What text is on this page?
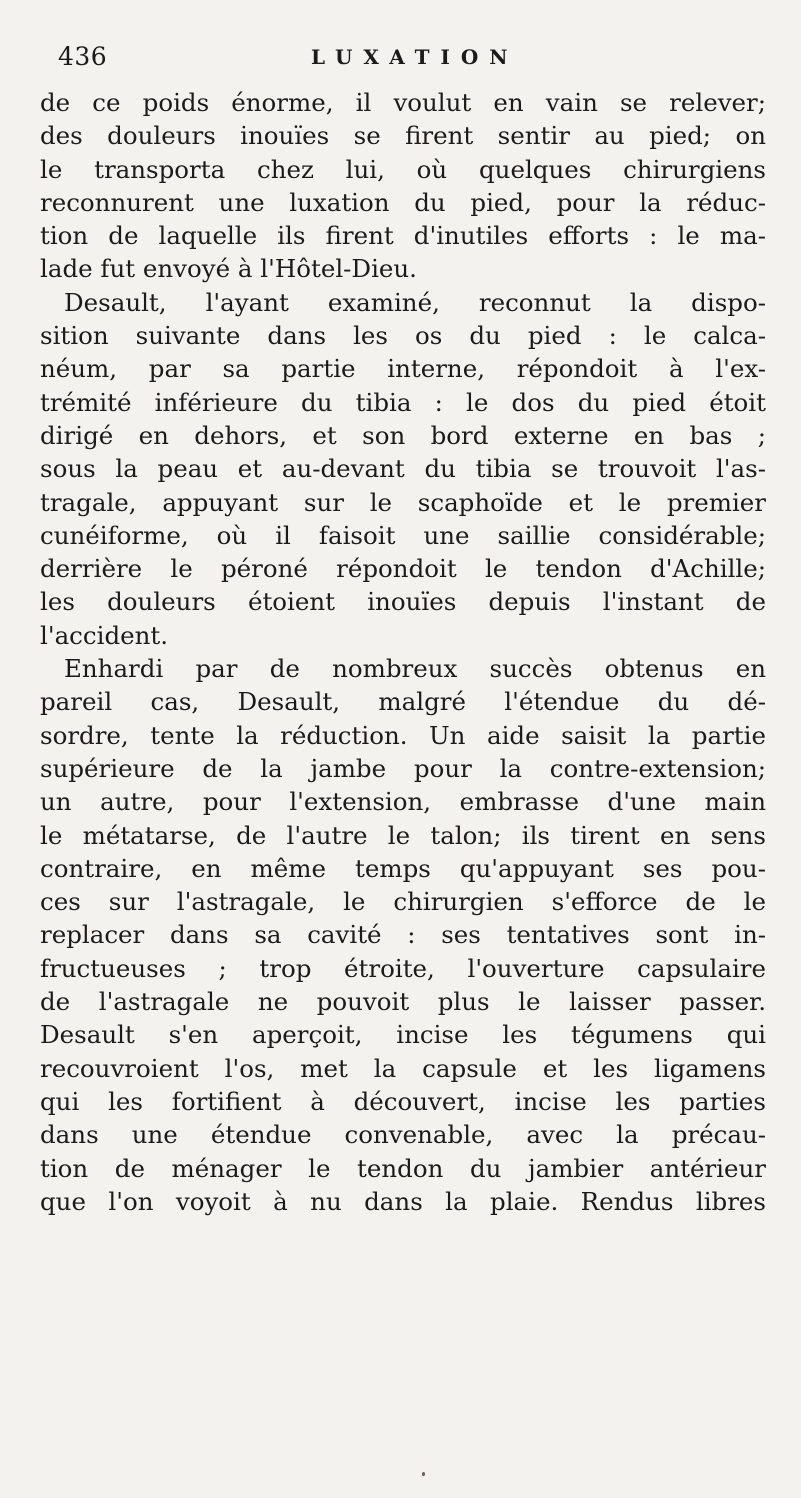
436	LUXATION
de ce poids énorme, il voulut en vain se relever;
des douleurs inouïes se firent sentir au pied; on
le transporta chez lui, où quelques chirurgiens
reconnurent une luxation du pied, pour la réduc-
tion de laquelle ils firent d'inutiles efforts : le ma-
lade fut envoyé à l'Hôtel-Dieu.
Desault, l'ayant examiné, reconnut la dispo-
sition suivante dans les os du pied : le calca-
néum, par sa partie interne, répondoit à l'ex-
trémité inférieure du tibia : le dos du pied étoit
dirigé en dehors, et son bord externe en bas ;
sous la peau et au-devant du tibia se trouvoit l'as-
tragale, appuyant sur le scaphoïde et le premier
cunéiforme, où il faisoit une saillie considérable;
derrière le péroné répondoit le tendon d'Achille;
les douleurs étoient inouïes depuis l'instant de
l'accident.
Enhardi par de nombreux succès obtenus en
pareil cas, Desault, malgré l'étendue du dé-
sordre, tente la réduction. Un aide saisit la partie
supérieure de la jambe pour la contre-extension;
un autre, pour l'extension, embrasse d'une main
le métatarse, de l'autre le talon; ils tirent en sens
contraire, en même temps qu'appuyant ses pou-
ces sur l'astragale, le chirurgien s'efforce de le
replacer dans sa cavité : ses tentatives sont in-
fructueuses ; trop étroite, l'ouverture capsulaire
de l'astragale ne pouvoit plus le laisser passer.
Desault s'en aperçoit, incise les tégumens qui
recouvroient l'os, met la capsule et les ligamens
qui les fortifient à découvert, incise les parties
dans une étendue convenable, avec la précau-
tion de ménager le tendon du jambier antérieur
que l'on voyoit à nu dans la plaie. Rendus libres
